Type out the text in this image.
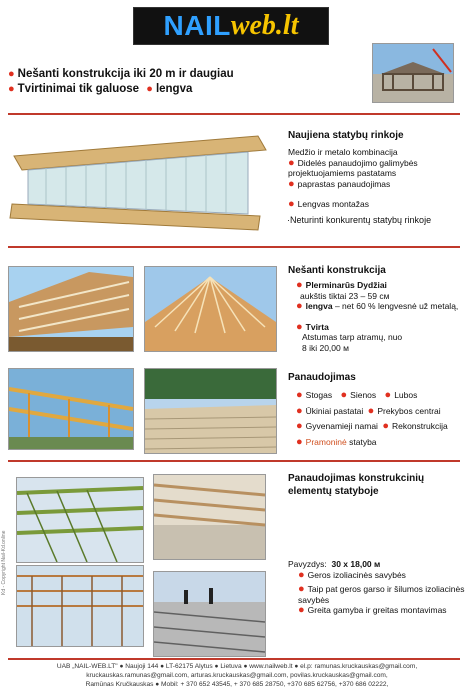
NAIL web.lt
● Nešanti konstrukcija iki 20 m ir daugiau
● Tvirtinimai tik galuose ● lengva
Naujiena statybų rinkoje
Medžio ir metalo kombinacija
● Didelės panaudojimo galimybės projektuojamiems pastatams
● paprastas panaudojimas
● Lengvas montažas
·Neturinti konkurentų statybų rinkoje
Nešanti konstrukcija
● Plerminarūs Dydžiai
aukštis tiktai 23 – 59 cм
● lengva – net 60 % lengvesnė už metalą,
● Tvirta
Atstumas tarp atramų, nuo
8 iki 20,00 м
Panaudojimas
● Stogas ● Sienos ● Lubos
● Ūkiniai pastatai ● Prekybos centrai
● Gyvenamieji namai ● Rekonstrukcija
● Pramoninė statyba
Panaudojimas konstrukcinių
elementų statyboje
Pavyzdys: 30 x 18,00 м
● Geros izoliacinės savybės
● Taip pat geros garso ir šilumos izoliacinės savybės
● Greita gamyba ir greitas montavimas
Kd - Copyright Nail-Kd.online
UAB „NAIL-WEB.LT" ● Naujoji 144 ● LT-62175 Alytus ● Lietuva ● www.nailweb.lt ● el.p: ramunas.kruckauskas@gmail.com,
kruckauskas.ramunas@gmail.com, arturas.kruckauskas@gmail.com, povilas.kruckauskas@gmail.com,
Ramūnas Kručkauskas ● Mobil: + 370 652 43545, + 370 685 28750, +370 685 62756, +370 686 02222,
